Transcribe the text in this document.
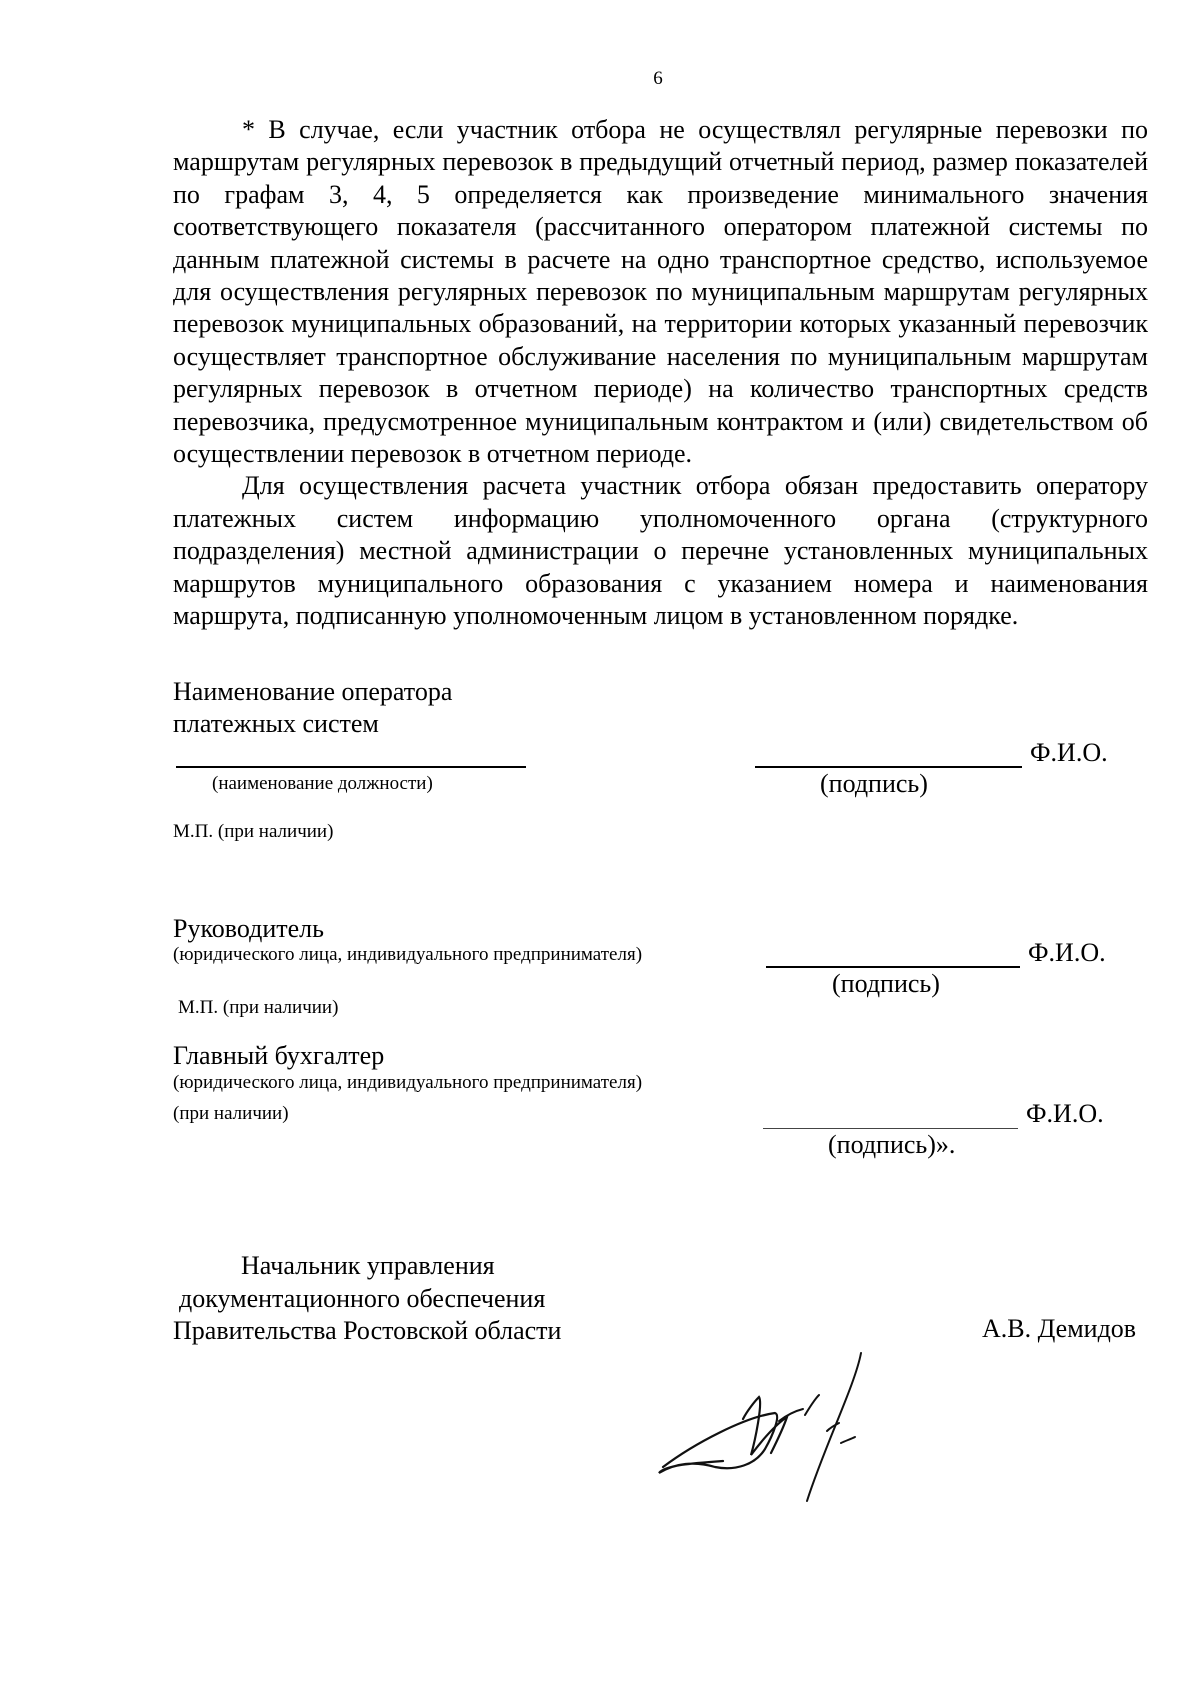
6

* В случае, если участник отбора не осуществлял регулярные перевозки по маршрутам регулярных перевозок в предыдущий отчетный период, размер показателей по графам 3, 4, 5 определяется как произведение минимального значения соответствующего показателя (рассчитанного оператором платежной системы по данным платежной системы в расчете на одно транспортное средство, используемое для осуществления регулярных перевозок по муниципальным маршрутам регулярных перевозок муниципальных образований, на территории которых указанный перевозчик осуществляет транспортное обслуживание населения по муниципальным маршрутам регулярных перевозок в отчетном периоде) на количество транспортных средств перевозчика, предусмотренное муниципальным контрактом и (или) свидетельством об осуществлении перевозок в отчетном периоде.

Для осуществления расчета участник отбора обязан предоставить оператору платежных систем информацию уполномоченного органа (структурного подразделения) местной администрации о перечне установленных муниципальных маршрутов муниципального образования с указанием номера и наименования маршрута, подписанную уполномоченным лицом в установленном порядке.

Наименование оператора
платежных систем
(наименование должности)
Ф.И.О.
(подпись)
М.П. (при наличии)
Руководитель
(юридического лица, индивидуального предпринимателя)	Ф.И.О.
(подпись)
М.П. (при наличии)
Главный бухгалтер
(юридического лица, индивидуального предпринимателя)
(при наличии)	Ф.И.О.
(подпись)».
Начальник управления
документационного обеспечения
Правительства Ростовской области	А.В. Демидов
